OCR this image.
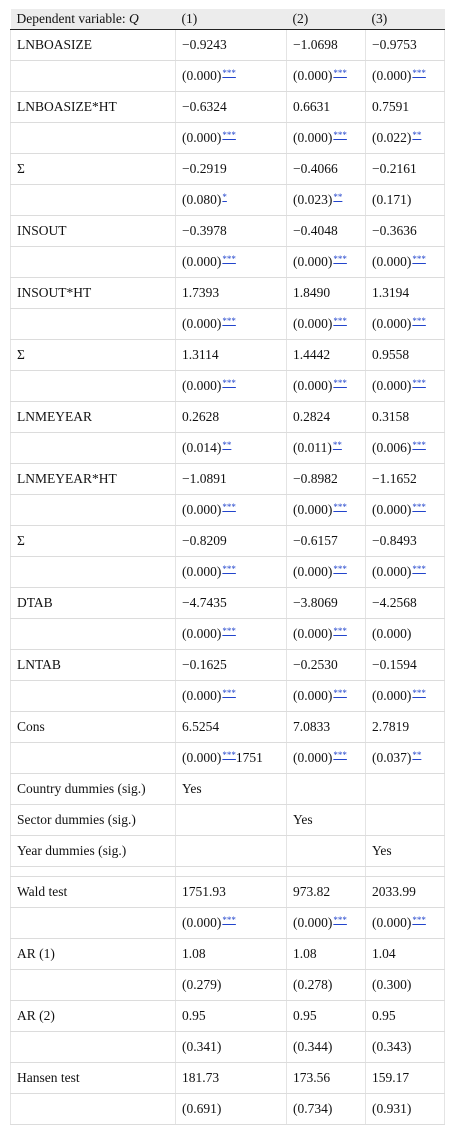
Dependent variable: Q	(1)	(2)	(3)
LNBOASIZE	−0.9243	−1.0698	−0.9753
	(0.000)***	(0.000)***	(0.000)***
LNBOASIZE*HT	−0.6324	0.6631	0.7591
	(0.000)***	(0.000)***	(0.022)**
Σ	−0.2919	−0.4066	−0.2161
	(0.080)*	(0.023)**	(0.171)
INSOUT	−0.3978	−0.4048	−0.3636
	(0.000)***	(0.000)***	(0.000)***
INSOUT*HT	1.7393	1.8490	1.3194
	(0.000)***	(0.000)***	(0.000)***
Σ	1.3114	1.4442	0.9558
	(0.000)***	(0.000)***	(0.000)***
LNMEYEAR	0.2628	0.2824	0.3158
	(0.014)**	(0.011)**	(0.006)***
LNMEYEAR*HT	−1.0891	−0.8982	−1.1652
	(0.000)***	(0.000)***	(0.000)***
Σ	−0.8209	−0.6157	−0.8493
	(0.000)***	(0.000)***	(0.000)***
DTAB	−4.7435	−3.8069	−4.2568
	(0.000)***	(0.000)***	(0.000)
LNTAB	−0.1625	−0.2530	−0.1594
	(0.000)***	(0.000)***	(0.000)***
Cons	6.5254	7.0833	2.7819
	(0.000)***1751	(0.000)***	(0.037)**
Country dummies (sig.)	Yes		
Sector dummies (sig.)		Yes	
Year dummies (sig.)			Yes

Wald test	1751.93	973.82	2033.99
	(0.000)***	(0.000)***	(0.000)***
AR (1)	1.08	1.08	1.04
	(0.279)	(0.278)	(0.300)
AR (2)	0.95	0.95	0.95
	(0.341)	(0.344)	(0.343)
Hansen test	181.73	173.56	159.17
	(0.691)	(0.734)	(0.931)
